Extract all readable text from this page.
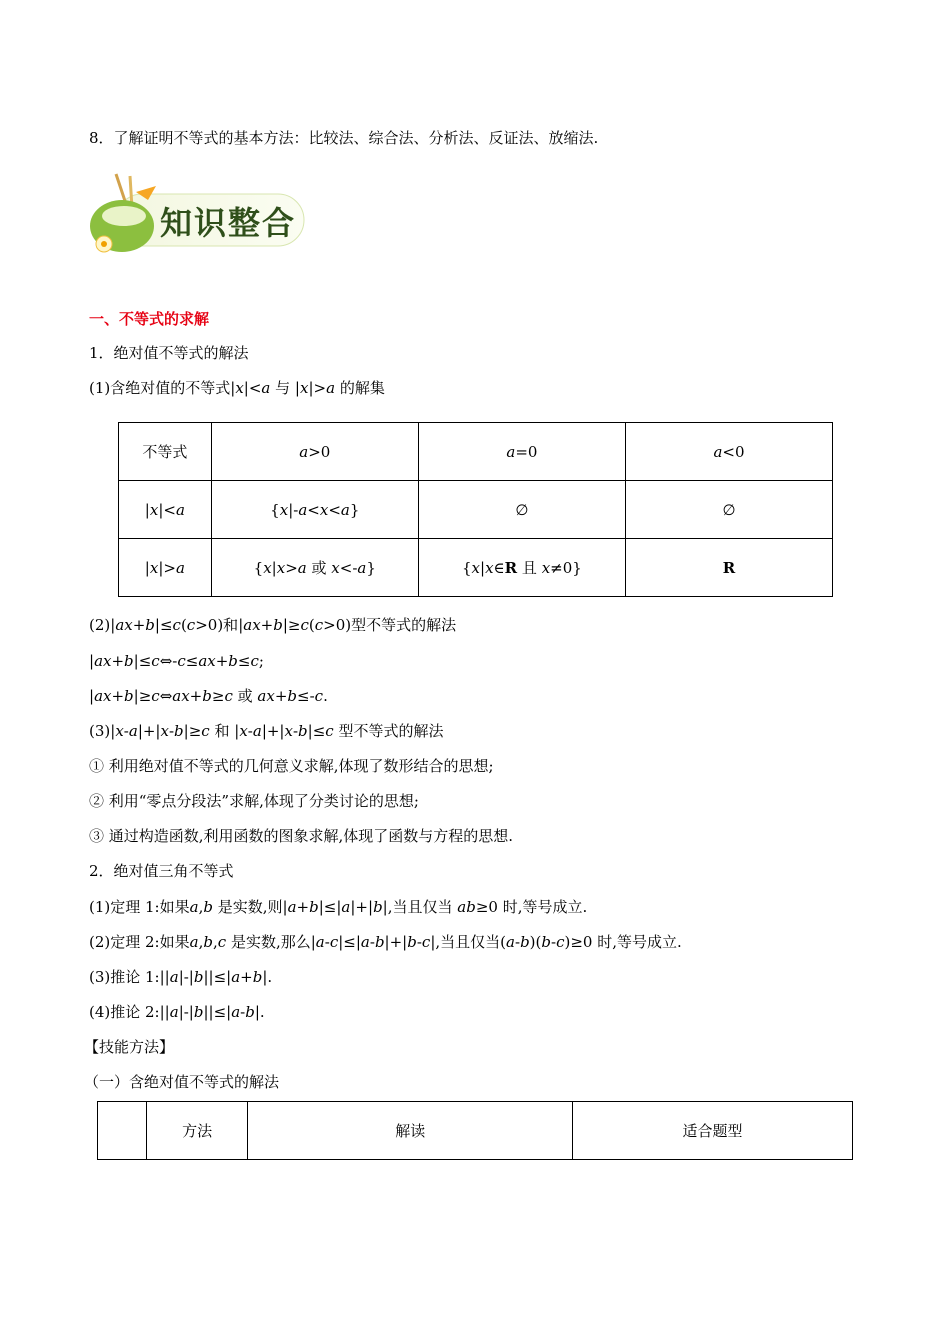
8．了解证明不等式的基本方法：比较法、综合法、分析法、反证法、放缩法.
知识整合
一、不等式的求解
1．绝对值不等式的解法
(1)含绝对值的不等式|x|<a 与 |x|>a 的解集
不等式	a>0	a=0	a<0
|x|<a	{x|-a<x<a}	∅	∅
|x|>a	{x|x>a 或 x<-a}	{x|x∈R 且 x≠0}	R
(2)|ax+b|≤c(c>0)和|ax+b|≥c(c>0)型不等式的解法
|ax+b|≤c⇔-c≤ax+b≤c;
|ax+b|≥c⇔ax+b≥c 或 ax+b≤-c.
(3)|x-a|+|x-b|≥c 和 |x-a|+|x-b|≤c 型不等式的解法
① 利用绝对值不等式的几何意义求解,体现了数形结合的思想;
② 利用“零点分段法”求解,体现了分类讨论的思想;
③ 通过构造函数,利用函数的图象求解,体现了函数与方程的思想.
2．绝对值三角不等式
(1)定理 1:如果a,b 是实数,则|a+b|≤|a|+|b|,当且仅当 ab≥0 时,等号成立.
(2)定理 2:如果a,b,c 是实数,那么|a-c|≤|a-b|+|b-c|,当且仅当(a-b)(b-c)≥0 时,等号成立.
(3)推论 1:||a|-|b||≤|a+b|.
(4)推论 2:||a|-|b||≤|a-b|.
【技能方法】
（一）含绝对值不等式的解法
	方法	解读	适合题型
